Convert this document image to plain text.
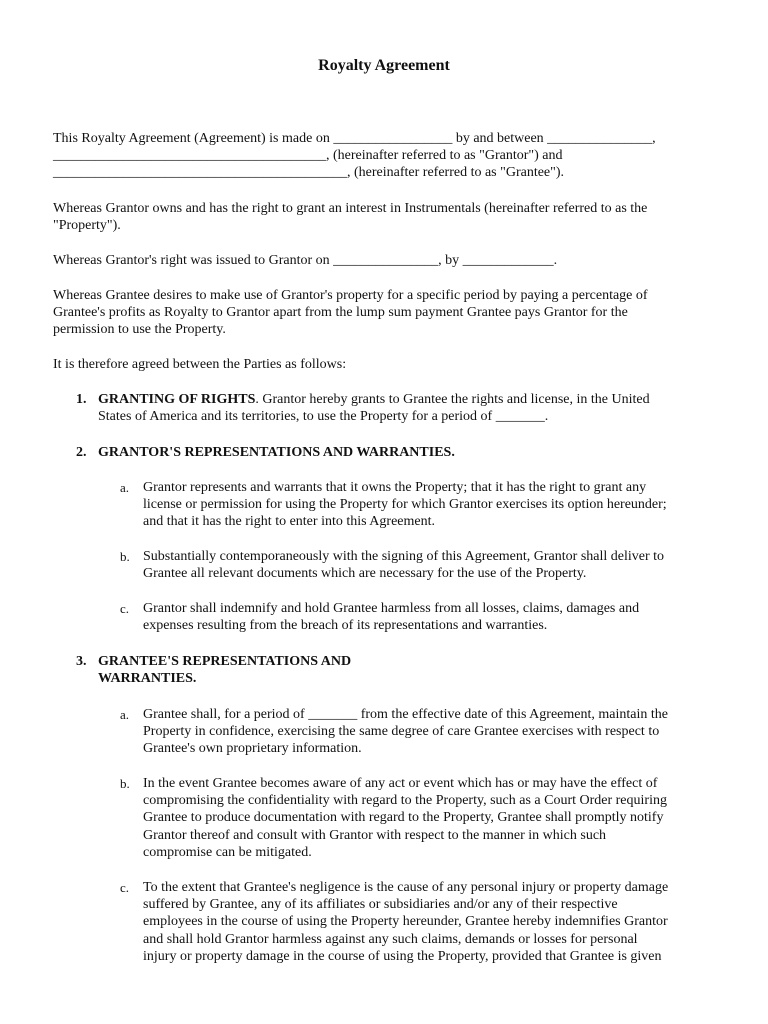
Royalty Agreement
This Royalty Agreement (Agreement) is made on _________________ by and between _______________,
_______________________________________, (hereinafter referred to as "Grantor") and
__________________________________________, (hereinafter referred to as "Grantee").
Whereas Grantor owns and has the right to grant an interest in Instrumentals (hereinafter referred to as the
"Property").
Whereas Grantor's right was issued to Grantor on _______________, by _____________.
Whereas Grantee desires to make use of Grantor's property for a specific period by paying a percentage of
Grantee's profits as Royalty to Grantor apart from the lump sum payment Grantee pays Grantor for the
permission to use the Property.
It is therefore agreed between the Parties as follows:
1. GRANTING OF RIGHTS. Grantor hereby grants to Grantee the rights and license, in the United
States of America and its territories, to use the Property for a period of _______.
2. GRANTOR'S REPRESENTATIONS AND WARRANTIES.
a. Grantor represents and warrants that it owns the Property; that it has the right to grant any
license or permission for using the Property for which Grantor exercises its option hereunder;
and that it has the right to enter into this Agreement.
b. Substantially contemporaneously with the signing of this Agreement, Grantor shall deliver to
Grantee all relevant documents which are necessary for the use of the Property.
c. Grantor shall indemnify and hold Grantee harmless from all losses, claims, damages and
expenses resulting from the breach of its representations and warranties.
3. GRANTEE'S REPRESENTATIONS AND
WARRANTIES.
a. Grantee shall, for a period of _______ from the effective date of this Agreement, maintain the
Property in confidence, exercising the same degree of care Grantee exercises with respect to
Grantee's own proprietary information.
b. In the event Grantee becomes aware of any act or event which has or may have the effect of
compromising the confidentiality with regard to the Property, such as a Court Order requiring
Grantee to produce documentation with regard to the Property, Grantee shall promptly notify
Grantor thereof and consult with Grantor with respect to the manner in which such
compromise can be mitigated.
c. To the extent that Grantee's negligence is the cause of any personal injury or property damage
suffered by Grantee, any of its affiliates or subsidiaries and/or any of their respective
employees in the course of using the Property hereunder, Grantee hereby indemnifies Grantor
and shall hold Grantor harmless against any such claims, demands or losses for personal
injury or property damage in the course of using the Property, provided that Grantee is given
